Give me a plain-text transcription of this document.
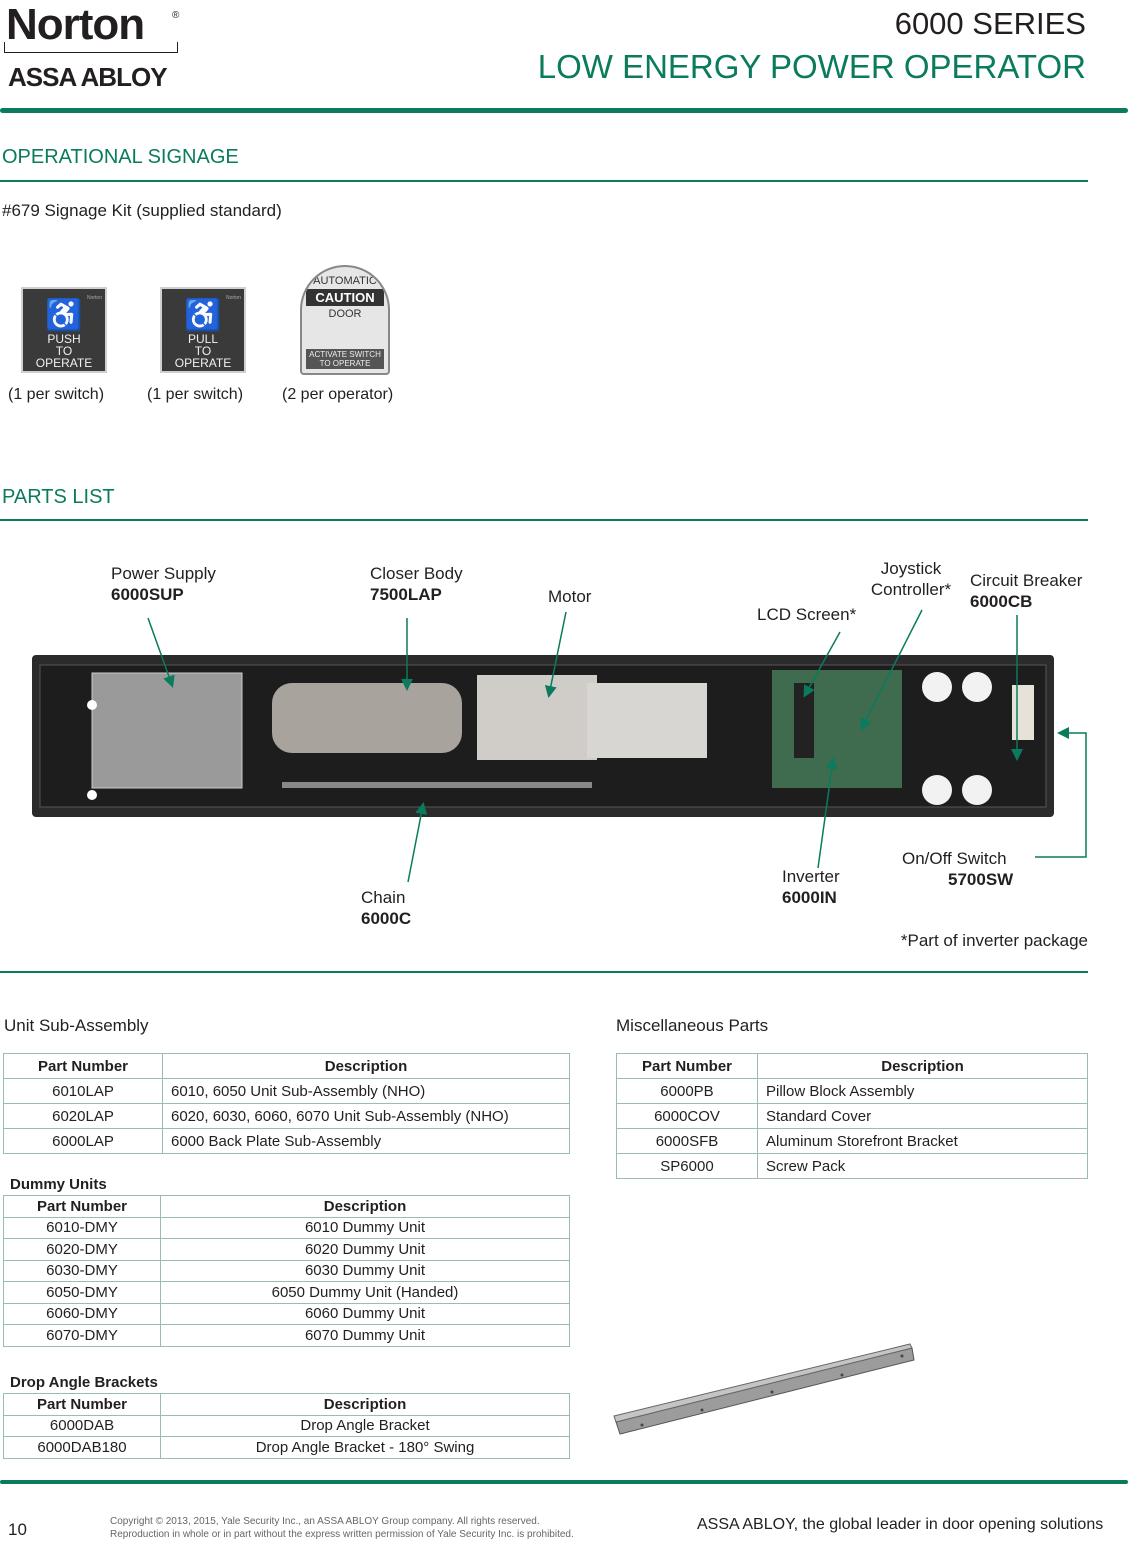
Norton	®
ASSA ABLOY
6000 SERIES
LOW ENERGY POWER OPERATOR
OPERATIONAL SIGNAGE
#679 Signage Kit (supplied standard)
Norton
♿
PUSH
TO
OPERATE
Norton
♿
PULL
TO
OPERATE
AUTOMATIC
CAUTION
DOOR
ACTIVATE SWITCH
TO OPERATE
(1 per switch)	(1 per switch) (2 per operator)
PARTS LIST
Power Supply
6000SUP
Closer Body
7500LAP	Motor
LCD Screen*
Joystick
Controller* Circuit Breaker
6000CB
Chain
6000C
Inverter
6000IN
On/Off Switch
5700SW
*Part of inverter package
Unit Sub-Assembly
Part Number	Description
6010LAP	6010, 6050 Unit Sub-Assembly (NHO)
6020LAP	6020, 6030, 6060, 6070 Unit Sub-Assembly (NHO)
6000LAP	6000 Back Plate Sub-Assembly
Dummy Units
Part Number	Description
6010-DMY	6010 Dummy Unit
6020-DMY	6020 Dummy Unit
6030-DMY	6030 Dummy Unit
6050-DMY	6050 Dummy Unit (Handed)
6060-DMY	6060 Dummy Unit
6070-DMY	6070 Dummy Unit
Drop Angle Brackets
Part Number	Description
6000DAB	Drop Angle Bracket
6000DAB180	Drop Angle Bracket - 180° Swing
Miscellaneous Parts
Part Number	Description
6000PB	Pillow Block Assembly
6000COV	Standard Cover
6000SFB	Aluminum Storefront Bracket
SP6000	Screw Pack
10	Copyright © 2013, 2015, Yale Security Inc., an ASSA ABLOY Group company. All rights reserved.
Reproduction in whole or in part without the express written permission of Yale Security Inc. is prohibited.
ASSA ABLOY, the global leader in door opening solutions
